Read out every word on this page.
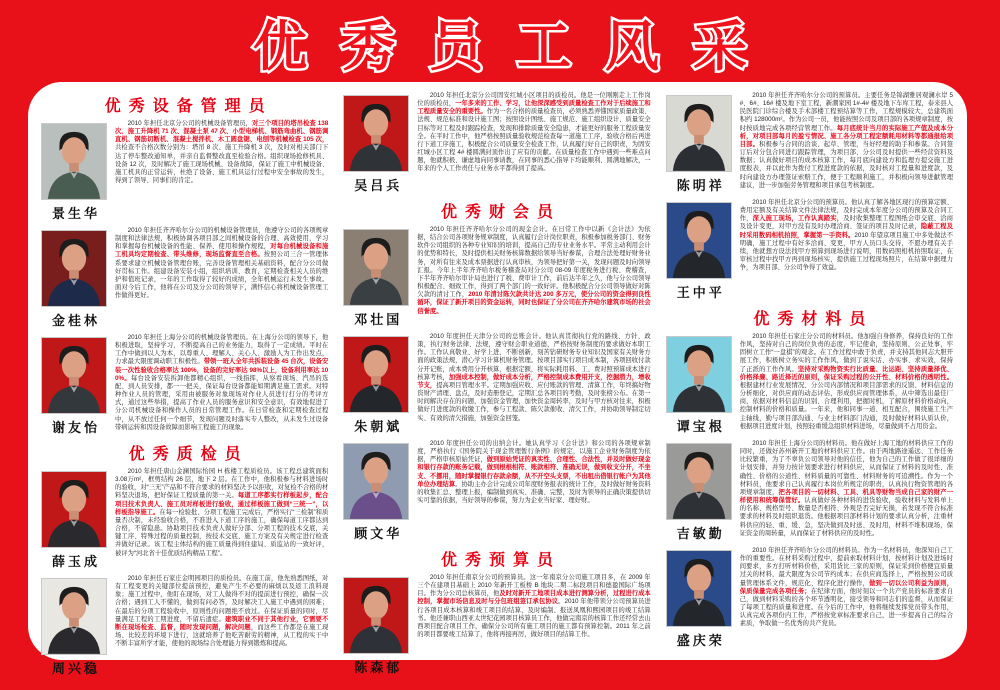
优秀员工风采
优秀设备管理员
景生华

2010 年担任北京分公司的机械设备管理员，对三个项目的塔吊检查 138 次、施工升降机 71 次、混凝土泵 47 次、小型电梯机、钢筋弯曲机、钢筋调直机、钢筋切断机、混凝土搅拌机、木工圆盘锯、电刨等机械检查 105 次，共检查不合格次数分别为：塔吊 8 次、施工升降机 3 次，及时对相关部门下达了停车整改通知单，并亲自监督整改直至检验合格。组织现场抢修机具、设备 12 次，及时解决了施工现场机械、设备故障，保证了施工中机械设备、施工机具的正常运转，杜绝了设备、施工机具运行过程中安全事故的发生，得到了领导、同事们的肯定。

金桂林

2010 年担任齐齐哈尔分公司的机械设备管理员，他遵守公司的各项规章制度和法律法规，积极协调各项目部之间机械设备的合理、高效使用，学习和掌握每台机械设备的性能、保养、使用和操作规程，对每台机械设备和施工机具均定期检查、带头维修，现场监督直至合格。按照公司三合一管理体系要求建立机械设备管理台账，完善设备管理相关基础资料，配合分公司做好贯标工作。组建设备安装小组，组织培训、教育，定期检查相关人员的维护和值班记录，一年的工作取得了较好的成绩，全年机械运行未发生事故。面对今后工作，他将在公司及分公司的领导下，满怀信心将机械设备管理工作做得更好。

谢友怡

2010 年担任上海分公司的机械设备管理员。在上海分公司的领导下，他积极进取，坚持学习，不断提高自己的业务能力，取得了一定成绩。平时在工作中做到以人为本，以尊重人、理解人、关心人、激励人为工作出发点，力求最大限度调动职工积极性。带领一班人全年共拆装设备 45 台次，设备安装一次性验收合格率达 100%，设备的完好率达 98%以上，设备利用率达 100%。每台设备安装拆卸他都精心组织，一线指挥，从察看现场、汽吊的选配、到人员安排，都一一把关，保证每台设备都能如期满足施工需求。对特种作业人员的管理，采用由被服务对象现场对作业人员进行打分的考评方式，通过这些举措，提高了作业人员的服务意识和安全意识，有效地促进了分公司机械设备和操作人员的日常管理工作。在日常检查和定期检查过程中，从不放过任何一个细节，发现问题及时落实专人整改，从未发生过设备带病运转和因设备故障而影响工程施工的现象。

优秀质检员
薛玉成

2010 年担任唐山金澜国际怡园 H 栋楼工程质检员。该工程总建筑面积 3.08万m²，框剪结构 26 层，地下 2 层。在工作中，他积极参与材料进场时的验收，对“三无”产品和不符合要求的材料坚决予以拒收，对复检不合格的材料坚决退场，把好保证工程质量的第一关。每道工序都实行样板起步，配合项目技术负责人、施工员对样板进行验收，通过样板施工做到“三统一”，以样板指导施工。在每一检验批、分项工程施工完成后，严格实行“三检制”和质量否决制，未经验收合格，不准进入下道工序的施工，确保每道工序都达到合格，不留隐患。协助项目技术负责人做好分部、分项工程的技术交底，关键工序、特殊过程的质量控制，按技术交底、施工方案及有关规定进行检查并做好记录。该工程主体结构的施工质量得到住建局、质监站的一致好评，被评为“河北省十佳优质结构精品工程”。

周兴稳

2010 年担任石家庄金明园项目的质检员。在施工前，他先熟悉图纸，对有工程变更的关键部位提前预控，避免产生不必要的麻烦以及返工浪料现象；施工过程中，他盯在现场，对工人做得不对的提前进行预控，确保一次合格；遇到工人不懂的，做到有问必答，及时解决工人施工中遇到的困难；在最后的分项工程验收中，原则性的问题绝不放过。在保证质量的同时，尽量满足工程的工期进度，不留后遗症。建筑职业不同于其他行业，它需要不断在现场检查、监督，随时发现问题，解决问题，而这些工作都是在施工现场、比较差的环境下进行，这就培养了他吃苦耐劳的精神，从工程的实干中不断丰富所学才能，使他的现场综合处理能力得到锻炼和提高。

吴吕兵

2010 年担任北京分公司固安红城小区项目的质检员。他是一位刚刚走上工作岗位的质检员，一年多来的工作、学习，让他深深感受到质量检查工作对于后续施工和工程质量安全的重要性。作为一名合格的质量检查员，必须熟悉弄懂国家质量政策、法规、规范标准和设计施工图；按照设计图纸、施工规范、施工组织设计、质量安全目标等对工程及时跟踪检查，发现和排除质量安全隐患，才能更好的服务工程质量安全。在平时工作中，他严格按照质量验收规范检查每一道施工工序，验收合格后再进行下道工序施工，积极配合公司质量安全检查工作，认真履行好自己的职责，为固安红城小区工程 4# 楼圆满封顶作出了应有的贡献。在质量检查工作中遇到一些难点问题，他就积极、谦虚地向同事请教，在同事的悉心指导下均能顺利、圆满地解决，一年来的个人工作责任与业务水平都得到了提高。

优秀财会员
邓壮国

2010 年担任齐齐哈尔分公司的现金会计。在日常工作中以新《会计法》为依据，结合公司各项财务规章制度，认真履行会计岗位职责，积极参加税务部门、财务软件公司组织的各种专业知识的培训，提高自己的专业业务水平。平常主动利用会计的优势和特长，及时提供相关财务核算数据给领导当好参谋，合理合法处理好财务业务，对所有往来及成本票据进行认真审核，为领导把好第一关，发现问题及时向领导汇报。今年上半年齐齐哈尔税务稽查局对分公司 08-09 年度税务进行税、费稽查，下半年齐齐哈尔审计局也进行了税、费审计工作，前后达半年之久，他与分公司领导积极配合、细致工作，得到了两个部门的一致好评。他积极配合分公司领导做好对陈欠款的清讨工作，2010 年清讨陈欠款共计达 200 多万元，使分公司的资金得到良性循环，保证了新开项目的资金运转，同时也保证了分公司在齐齐哈尔建筑市场的社会信誉度。

朱朝斌

2010 年度担任天津分公司的总账会计。他认真贯彻执行党的路线、方针、政策，执行财务法律、法规，遵守财会职业道德，严格按财务制度的要求做好本职工作。工作认真敬业、好学上进、不断创新，刻苦钻研财务专业知识及国家有关财务方面的政策法规，潜心学习计算机财务管理。按项目部实行项目成本制，各项回收付款分开记账，成本费用分开核算，根据定额，将实际耗用料、工、费对照预算成本进行核算考核，加强成本控制，做好成本分析，严格控制成本费用开支，挖掘潜力，增收节支，提高项目管理水平。定期加强应收、应付账款的管理、清算工作，年终搞好物资财产清理、盘点，及时造册登记，定期汇总各项目的考勤，及时张榜公布。在第一时间解决存在的问题，加强资金管理，加快资金周转率，及时与甲方核对往来，积极做好月进度款的收缴工作，参与工程款、陈欠款催收、清欠工作，并协助领导制定切实、有效的清欠措施，加强资金回笼。

顾文华

2010 年度担任公司的出纳会计。她认真学习《会计法》和公司的各项规章制度，严格执行《国务院关于现金管理暂行条例》的规定，以施工企业财务制度为依据，严格审核原始凭证，做到原始凭证的真实性、合理性、合法性，并及时做好现金和银行存款的账务记载，做到根根相符、账款相符、准确无误，做到收支分开，不坐支、不挪用，随时掌握银行存款余额，从不开空头支票，不出租出借银行帐户为其他单位办理结算。协助主办会计完成公司年度财务报表的统计工作，及时做好财务资料的收集汇总、整理上报，编制做到真实、准确、完整，及时为领导的正确决策提供切实可靠的依据，当好领导的参谋，努力为企业当好家、理好财。

优秀预算员
陈森郁

2010 年担任南京分公司的预算员。这一年南京分公司施工项目多，在 2009 年三个在建项目基础上 2010 年新开工板桥 B 地块二期二标段项目和德盈国际广场项目。作为分公司总核算员，他及时对新开工地项目成本进行测算分析，过程进行成本控制，掌握市场信息及时与分包班组签订承包协议。2010 年他带领分公司预算员进行各项目成本核算和竣工项目的结算，及时编制、报送凤凰和熙园项目的竣工结算书。他还兼职山西亚太世纪花园项目核算员工作，他做完南京的核算工作还经常去山西项目配合项目工作，确保分公司所有施工项目的施工都有预算控制。2011 年之前的项目都要竣工结算了，他将再接再厉，做好项目的结算工作。

陈明祥

2010 年担任齐齐哈尔分公司的预算员。主要任务是锦湖雅居观澜水岸 5#、6#、16# 楼及地下室工程，新潮家园 1#-4# 楼及地下车库工程，泰来县人民医院门诊综合楼及手术部楼工程预结算等工作，工程规模较大，总建筑面积约 128000m²。作为公司一员，他能按照公司及项目部的各项规章制度，按时按质地完成各项经营管理工作。每月底统计当月的实际施工产值及成本分析，对项目部每月的盈亏情况、施工各分项工程定额耗用材料等都通报给项目部。积极参与合同的洽谈、起草、管理，当好经理的助手和参谋。合同签订后对分包合同进行跟踪管理，为项目部、分公司及时提供一些经营资料及数据；认真做好项目的成本核算工作，每月底向建设方和监理方提交施工进度报表，并以此作为拨付工程进度款的依据，及时核对工程量和进度款，及时向建设方办理签证索赔工作，便于工程顺利施工，并积极向领导进献管理建议，进一步加强劳务管理和项目承包考核制度。

王中平

2010 年担任北京分公司的预算员。他认真了解各地区现行的预算定额、费用定额及有关结算文件法律法规，及时完成本年度分公司的预算及合同工作，深入施工现场，工作认真踏实，及时收集整理工程图纸会审交底、洽商及设计变更，对甲方没有及时办理洽商、签证的项目及时记录，隐蔽工程及时采用数码相机拍照，掌握第一手资料。2010 年望京项目施工中多处做法不明确，施工过程中有好多洽商、变更，甲方人员口头交待，不愿办理有关手续，他就想方设法找甲方预算到现场进行说明，用数码照相机拍照取证，在审核过程中找甲方再到现场核实，提供施工过程现场照片，在结算中据理力争，为项目部、分公司争得了效益。

优秀材料员
谭宝根

2010 年担任石家庄分公司的材料员。他加强自身修养，保持良好的工作作风，坚持对自己的岗位负责的态度，牢记使命，坚持原则，公正处事，牢固树立工作“一盘棋”的观念。在工作过程中敢于负责，并支持其他同志大胆开展工作，积极树立务实的工作作风，做到了说实话、办实事、求实效，保持了正派的工作作风。坚持对采购物资实行比质量、比运距、坚持质量择优、价格择廉、路近择近的原则，保证采购过程的公开性、材料价格的透明性。根据建材行业发展情况、分公司内部情况和项目部需求的反馈、材料信息的分析细化，对供应商的动态评估，形成供应商管理体系，从中筛选出最佳厂商，依据对材料信息的识别、合理利用，把握时机，了解原材料价格动向，控制材料的价格和质量。一年来，他和同事一道、相互配合，围绕施工生产主轴线，勤与项目部沟通、与业主材料部门沟通，及时做好材料认质认价，根据项目进度计划，按照轻重缓急组织材料进场，尽量做到不占用资金。

吉敏勤

2010 年担任上海分公司的材料员。他在做好上海工地的材料供应工作的同时，还做好苏州新开工地的材料供应工作。由于两地路途遥远、工作任务比较繁重，为了不辜负公司领导对他的信任，他为自己的工作做了很详细的计划安排，并努力按计划要求进行材料供应，从而保证了材料的及时性、准确性、价格的公道性、材料质量的可靠性、材料财务的可追溯性。作为一个材料员，他要求自己认真履行本岗位所规定的职责，认真执行物资管理的各项规章制度，把各项目的一切材料、工具、机具等财物当成自己家的财产一样使用和统筹保管好。认真做好各种材料的进货验收，验收材料与发料单上的名称、规格型号、数量是否相符、外观是否完好无损，若发现不符合标准要求的材料及时组织退货。他根据项目部材料计划的要求认真分析，注重材料供应的轻、重、缓、急，坚决做到及时送、及时用，材料不堆积现场，保证资金的周转量，从而保证了材料供应的及时性。

盛庆荣

2010 年担任齐齐哈尔分公司的材料员。作为一名材料员，他深知自己工作的重要性。在材料采购过程中，提前索取材料计划，按材料计划及进场时间要求，多方打听材料价格，采用货比三家的原则，保证采到价格便宜质量过关的材料，最大限度为公司节约成本；在供应商选择上，严格按照公司质量管理体系文件，规范化、程序化进行操作，做到一切以公司利益为原则，保质保量完成各项任务；在纪律方面，他时刻以一个共产党员的标准要求自己，做到材料采购的各个环节透明化，接受领导和同志们的监督，从而保证了每项工程的质量和进度。在今后的工作中，他将继续发挥党员带头作用，认真完成各项份内工作，严格按党章标准要求自己，进一步提高自己的综合素质，争取做一名优秀的共产党员。
